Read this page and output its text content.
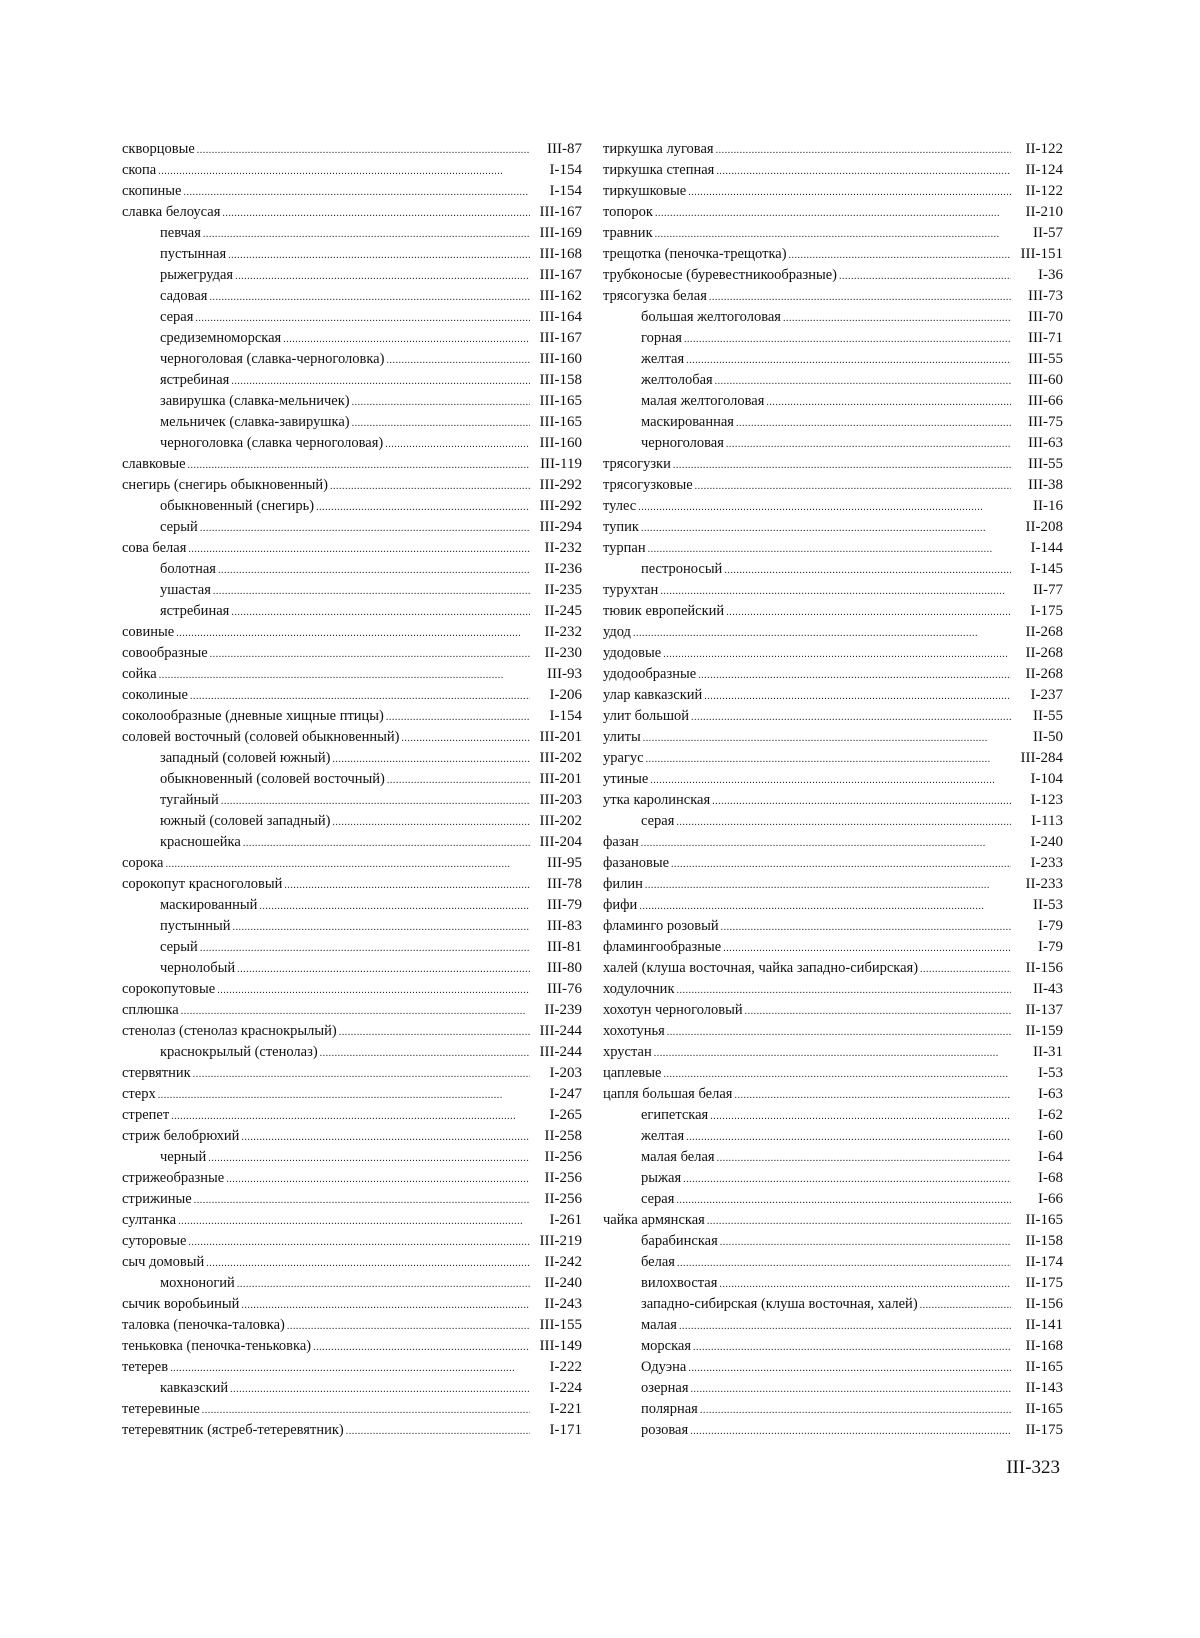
скворцовые . . .	III-87
скопа . . .	I-154
скопиные . . .	I-154
славка белоусая . . .	III-167
певчая . . .	III-169
пустынная . . .	III-168
рыжегрудая . . .	III-167
садовая . . .	III-162
серая . . .	III-164
средиземноморская . . .	III-167
черноголовая (славка-черноголовка) . . .	III-160
ястребиная . . .	III-158
завирушка (славка-мельничек) . . .	III-165
мельничек (славка-завирушка) . . .	III-165
черноголовка (славка черноголовая) . . .	III-160
славковые . . .	III-119
снегирь (снегирь обыкновенный) . . .	III-292
обыкновенный (снегирь) . . .	III-292
серый . . .	III-294
сова белая . . .	II-232
болотная . . .	II-236
ушастая . . .	II-235
ястребиная . . .	II-245
совиные . . .	II-232
совообразные . . .	II-230
сойка . . .	III-93
соколиные . . .	I-206
соколообразные (дневные хищные птицы) . . .	I-154
соловей восточный (соловей обыкновенный) . . .	III-201
западный (соловей южный) . . .	III-202
обыкновенный (соловей восточный) . . .	III-201
тугайный . . .	III-203
южный (соловей западный) . . .	III-202
красношейка . . .	III-204
сорока . . .	III-95
сорокопут красноголовый . . .	III-78
маскированный . . .	III-79
пустынный . . .	III-83
серый . . .	III-81
чернолобый . . .	III-80
сорокопутовые . . .	III-76
сплюшка . . .	II-239
стенолаз (стенолаз краснокрылый) . . .	III-244
краснокрылый (стенолаз) . . .	III-244
стервятник . . .	I-203
стерх . . .	I-247
стрепет . . .	I-265
стриж белобрюхий . . .	II-258
черный . . .	II-256
стрижеобразные . . .	II-256
стрижиные . . .	II-256
султанка . . .	I-261
суторовые . . .	III-219
сыч домовый . . .	II-242
мохноногий . . .	II-240
сычик воробьиный . . .	II-243
таловка (пеночка-таловка) . . .	III-155
теньковка (пеночка-теньковка) . . .	III-149
тетерев . . .	I-222
кавказский . . .	I-224
тетеревиные . . .	I-221
тетеревятник (ястреб-тетеревятник) . . .	I-171
тиркушка луговая . . .	II-122
тиркушка степная . . .	II-124
тиркушковые . . .	II-122
топорок . . .	II-210
травник . . .	II-57
трещотка (пеночка-трещотка) . . .	III-151
трубконосые (буревестникообразные) . . .	I-36
трясогузка белая . . .	III-73
большая желтоголовая . . .	III-70
горная . . .	III-71
желтая . . .	III-55
желтолобая . . .	III-60
малая желтоголовая . . .	III-66
маскированная . . .	III-75
черноголовая . . .	III-63
трясогузки . . .	III-55
трясогузковые . . .	III-38
тулес . . .	II-16
тупик . . .	II-208
турпан . . .	I-144
пестроносый . . .	I-145
турухтан . . .	II-77
тювик европейский . . .	I-175
удод . . .	II-268
удодовые . . .	II-268
удодообразные . . .	II-268
улар кавказский . . .	I-237
улит большой . . .	II-55
улиты . . .	II-50
урагус . . .	III-284
утиные . . .	I-104
утка каролинская . . .	I-123
серая . . .	I-113
фазан . . .	I-240
фазановые . . .	I-233
филин . . .	II-233
фифи . . .	II-53
фламинго розовый . . .	I-79
фламингообразные . . .	I-79
халей (клуша восточная, чайка западно-сибирская) . . .	II-156
ходулочник . . .	II-43
хохотун черноголовый . . .	II-137
хохотунья . . .	II-159
хрустан . . .	II-31
цаплевые . . .	I-53
цапля большая белая . . .	I-63
египетская . . .	I-62
желтая . . .	I-60
малая белая . . .	I-64
рыжая . . .	I-68
серая . . .	I-66
чайка армянская . . .	II-165
барабинская . . .	II-158
белая . . .	II-174
вилохвостая . . .	II-175
западно-сибирская (клуша восточная, халей) . . .	II-156
малая . . .	II-141
морская . . .	II-168
Одуэна . . .	II-165
озерная . . .	II-143
полярная . . .	II-165
розовая . . .	II-175
III-323
